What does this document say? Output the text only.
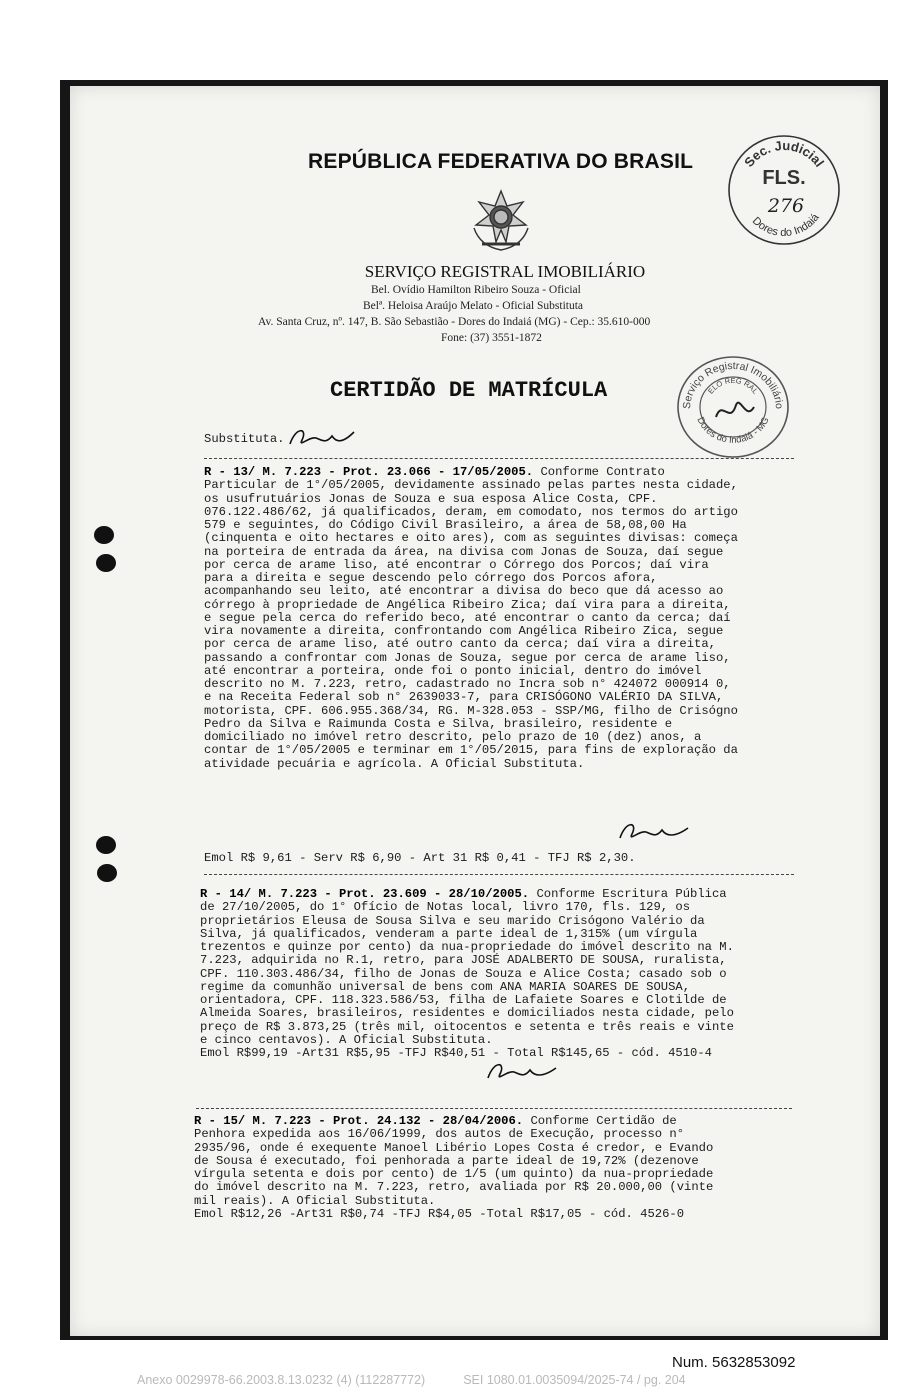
REPÚBLICA FEDERATIVA DO BRASIL
SERVIÇO REGISTRAL IMOBILIÁRIO
Bel. Ovídio Hamilton Ribeiro Souza - Oficial
Belª. Heloisa Araújo Melato - Oficial Substituta
Av. Santa Cruz, nº. 147, B. São Sebastião - Dores do Indaiá (MG) - Cep.: 35.610-000
Fone: (37) 3551-1872
Sec. Judicial
FLS.
276
Dores do Indaiá
CERTIDÃO DE MATRÍCULA
Serviço Registral Imobiliário
ELO REG RAL
Dores do Indaiá - MG
Substituta.
R - 13/ M. 7.223 - Prot. 23.066 - 17/05/2005. Conforme Contrato
Particular de 1°/05/2005, devidamente assinado pelas partes nesta cidade,
os usufrutuários Jonas de Souza e sua esposa Alice Costa, CPF.
076.122.486/62, já qualificados, deram, em comodato, nos termos do artigo
579 e seguintes, do Código Civil Brasileiro, a área de 58,08,00 Ha
(cinquenta e oito hectares e oito ares), com as seguintes divisas: começa
na porteira de entrada da área, na divisa com Jonas de Souza, daí segue
por cerca de arame liso, até encontrar o Córrego dos Porcos; daí vira
para a direita e segue descendo pelo córrego dos Porcos afora,
acompanhando seu leito, até encontrar a divisa do beco que dá acesso ao
córrego à propriedade de Angélica Ribeiro Zica; daí vira para a direita,
e segue pela cerca do referido beco, até encontrar o canto da cerca; daí
vira novamente a direita, confrontando com Angélica Ribeiro Zica, segue
por cerca de arame liso, até outro canto da cerca; daí vira a direita,
passando a confrontar com Jonas de Souza, segue por cerca de arame liso,
até encontrar a porteira, onde foi o ponto inicial, dentro do imóvel
descrito no M. 7.223, retro, cadastrado no Incra sob n° 424072 000914 0,
e na Receita Federal sob n° 2639033-7, para CRISÓGONO VALÉRIO DA SILVA,
motorista, CPF. 606.955.368/34, RG. M-328.053 - SSP/MG, filho de Crisógno
Pedro da Silva e Raimunda Costa e Silva, brasileiro, residente e
domiciliado no imóvel retro descrito, pelo prazo de 10 (dez) anos, a
contar de 1°/05/2005 e terminar em 1°/05/2015, para fins de exploração da
atividade pecuária e agrícola. A Oficial Substituta.
Emol R$ 9,61 - Serv R$ 6,90 - Art 31 R$ 0,41 - TFJ R$ 2,30.
R - 14/ M. 7.223 - Prot. 23.609 - 28/10/2005. Conforme Escritura Pública
de 27/10/2005, do 1° Ofício de Notas local, livro 170, fls. 129, os
proprietários Eleusa de Sousa Silva e seu marido Crisógono Valério da
Silva, já qualificados, venderam a parte ideal de 1,315% (um vírgula
trezentos e quinze por cento) da nua-propriedade do imóvel descrito na M.
7.223, adquirida no R.1, retro, para JOSÉ ADALBERTO DE SOUSA, ruralista,
CPF. 110.303.486/34, filho de Jonas de Souza e Alice Costa; casado sob o
regime da comunhão universal de bens com ANA MARIA SOARES DE SOUSA,
orientadora, CPF. 118.323.586/53, filha de Lafaiete Soares e Clotilde de
Almeida Soares, brasileiros, residentes e domiciliados nesta cidade, pelo
preço de R$ 3.873,25 (três mil, oitocentos e setenta e três reais e vinte
e cinco centavos). A Oficial Substituta.
Emol R$99,19 -Art31 R$5,95 -TFJ R$40,51 - Total R$145,65 - cód. 4510-4
R - 15/ M. 7.223 - Prot. 24.132 - 28/04/2006. Conforme Certidão de
Penhora expedida aos 16/06/1999, dos autos de Execução, processo n°
2935/96, onde é exequente Manoel Libério Lopes Costa é credor, e Evando
de Sousa é executado, foi penhorada a parte ideal de 19,72% (dezenove
vírgula setenta e dois por cento) de 1/5 (um quinto) da nua-propriedade
do imóvel descrito na M. 7.223, retro, avaliada por R$ 20.000,00 (vinte
mil reais). A Oficial Substituta.
Emol R$12,26 -Art31 R$0,74 -TFJ R$4,05 -Total R$17,05 - cód. 4526-0
Num. 5632853092
Anexo 0029978-66.2003.8.13.0232 (4) (112287772)	SEI 1080.01.0035094/2025-74 / pg. 204
